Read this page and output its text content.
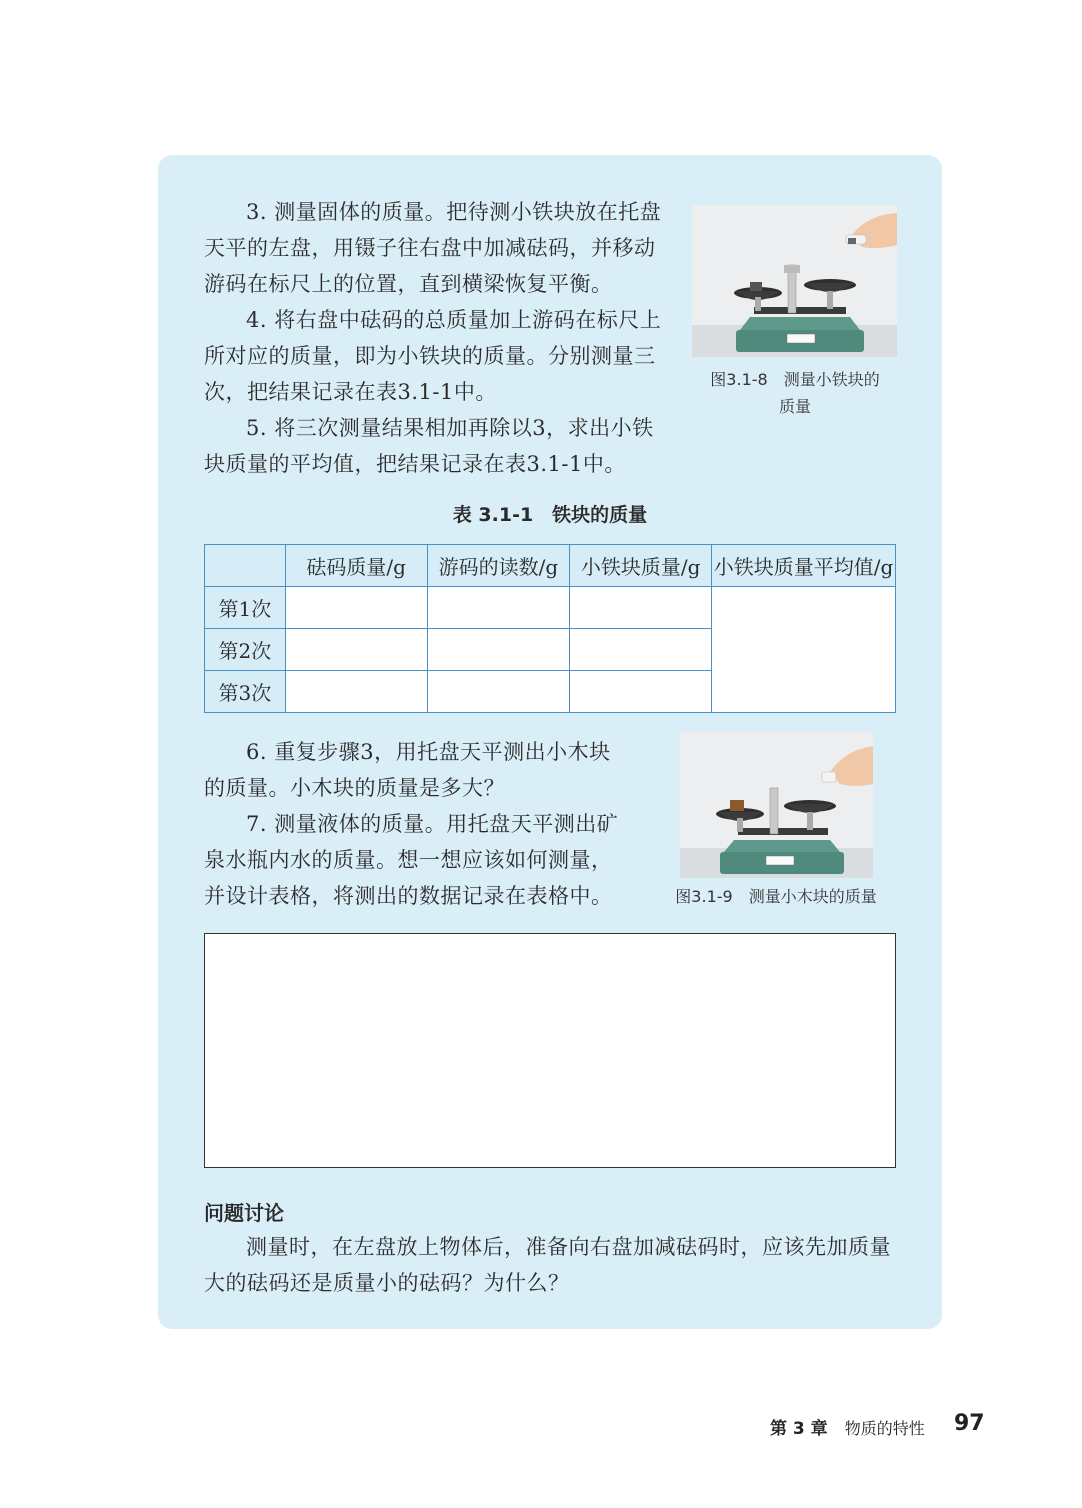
3. 测量固体的质量。把待测小铁块放在托盘天平的左盘，用镊子往右盘中加减砝码，并移动游码在标尺上的位置，直到横梁恢复平衡。

4. 将右盘中砝码的总质量加上游码在标尺上所对应的质量，即为小铁块的质量。分别测量三次，把结果记录在表3.1-1中。

5. 将三次测量结果相加再除以3，求出小铁块质量的平均值，把结果记录在表3.1-1中。

图3.1-8　测量小铁块的
质量
表 3.1-1　铁块的质量
	砝码质量/g	游码的读数/g	小铁块质量/g	小铁块质量平均值/g
第1次				
第2次				
第3次				

6. 重复步骤3，用托盘天平测出小木块的质量。小木块的质量是多大？

7. 测量液体的质量。用托盘天平测出矿泉水瓶内水的质量。想一想应该如何测量，并设计表格，将测出的数据记录在表格中。	图3.1-9　测量小木块的质量
问题讨论

测量时，在左盘放上物体后，准备向右盘加减砝码时，应该先加质量大的砝码还是质量小的砝码？为什么？

第 3 章 物质的特性 97
